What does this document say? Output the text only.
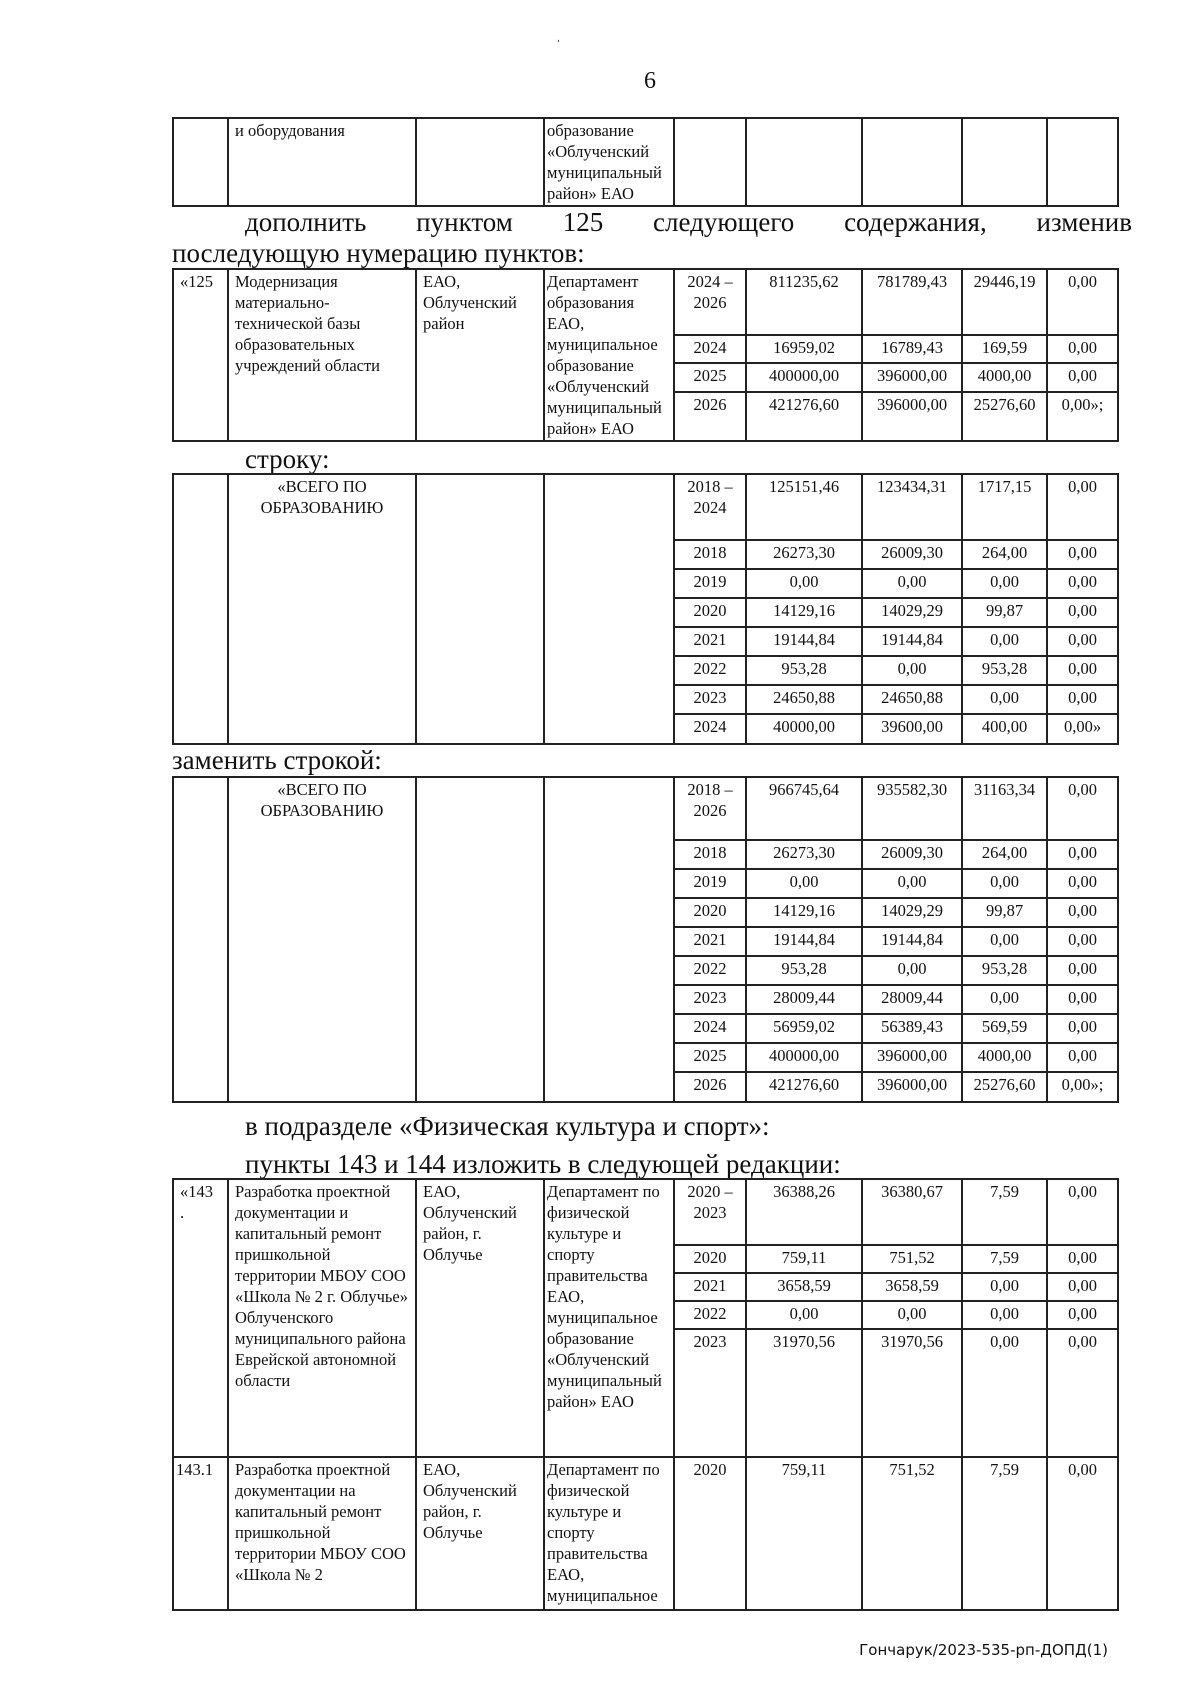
ˌ
6
	и оборудования		образование «Облученский муниципальный район» ЕАО					
дополнить пунктом 125 следующего содержания, изменив
последующую нумерацию пунктов:
«125	Модернизация материально-технической базы образовательных учреждений области	ЕАО, Облученский район	Департамент образования ЕАО, муниципальное образование «Облученский муниципальный район» ЕАО	2024 – 2026	811235,62	781789,43	29446,19	0,00
				2024	16959,02	16789,43	169,59	0,00
				2025	400000,00	396000,00	4000,00	0,00
				2026	421276,60	396000,00	25276,60	0,00»;
строку:
	«ВСЕГО ПО ОБРАЗОВАНИЮ			2018 – 2024	125151,46	123434,31	1717,15	0,00
				2018	26273,30	26009,30	264,00	0,00
				2019	0,00	0,00	0,00	0,00
				2020	14129,16	14029,29	99,87	0,00
				2021	19144,84	19144,84	0,00	0,00
				2022	953,28	0,00	953,28	0,00
				2023	24650,88	24650,88	0,00	0,00
				2024	40000,00	39600,00	400,00	0,00»
заменить строкой:
	«ВСЕГО ПО ОБРАЗОВАНИЮ			2018 – 2026	966745,64	935582,30	31163,34	0,00
				2018	26273,30	26009,30	264,00	0,00
				2019	0,00	0,00	0,00	0,00
				2020	14129,16	14029,29	99,87	0,00
				2021	19144,84	19144,84	0,00	0,00
				2022	953,28	0,00	953,28	0,00
				2023	28009,44	28009,44	0,00	0,00
				2024	56959,02	56389,43	569,59	0,00
				2025	400000,00	396000,00	4000,00	0,00
				2026	421276,60	396000,00	25276,60	0,00»;
в подразделе «Физическая культура и спорт»:
пункты 143 и 144 изложить в следующей редакции:
«143 .	Разработка проектной документации и капитальный ремонт пришкольной территории МБОУ СОО «Школа № 2 г. Облучье» Облученского муниципального района Еврейской автономной области	ЕАО, Облученский район, г. Облучье	Департамент по физической культуре и спорту правительства ЕАО, муниципальное образование «Облученский муниципальный район» ЕАО	2020 – 2023	36388,26	36380,67	7,59	0,00
				2020	759,11	751,52	7,59	0,00
				2021	3658,59	3658,59	0,00	0,00
				2022	0,00	0,00	0,00	0,00
				2023	31970,56	31970,56	0,00	0,00
143.1	Разработка проектной документации на капитальный ремонт пришкольной территории МБОУ СОО «Школа № 2	ЕАО, Облученский район, г. Облучье	Департамент по физической культуре и спорту правительства ЕАО, муниципальное	2020	759,11	751,52	7,59	0,00
Гончарук/2023-535-рп-ДОПД(1)
